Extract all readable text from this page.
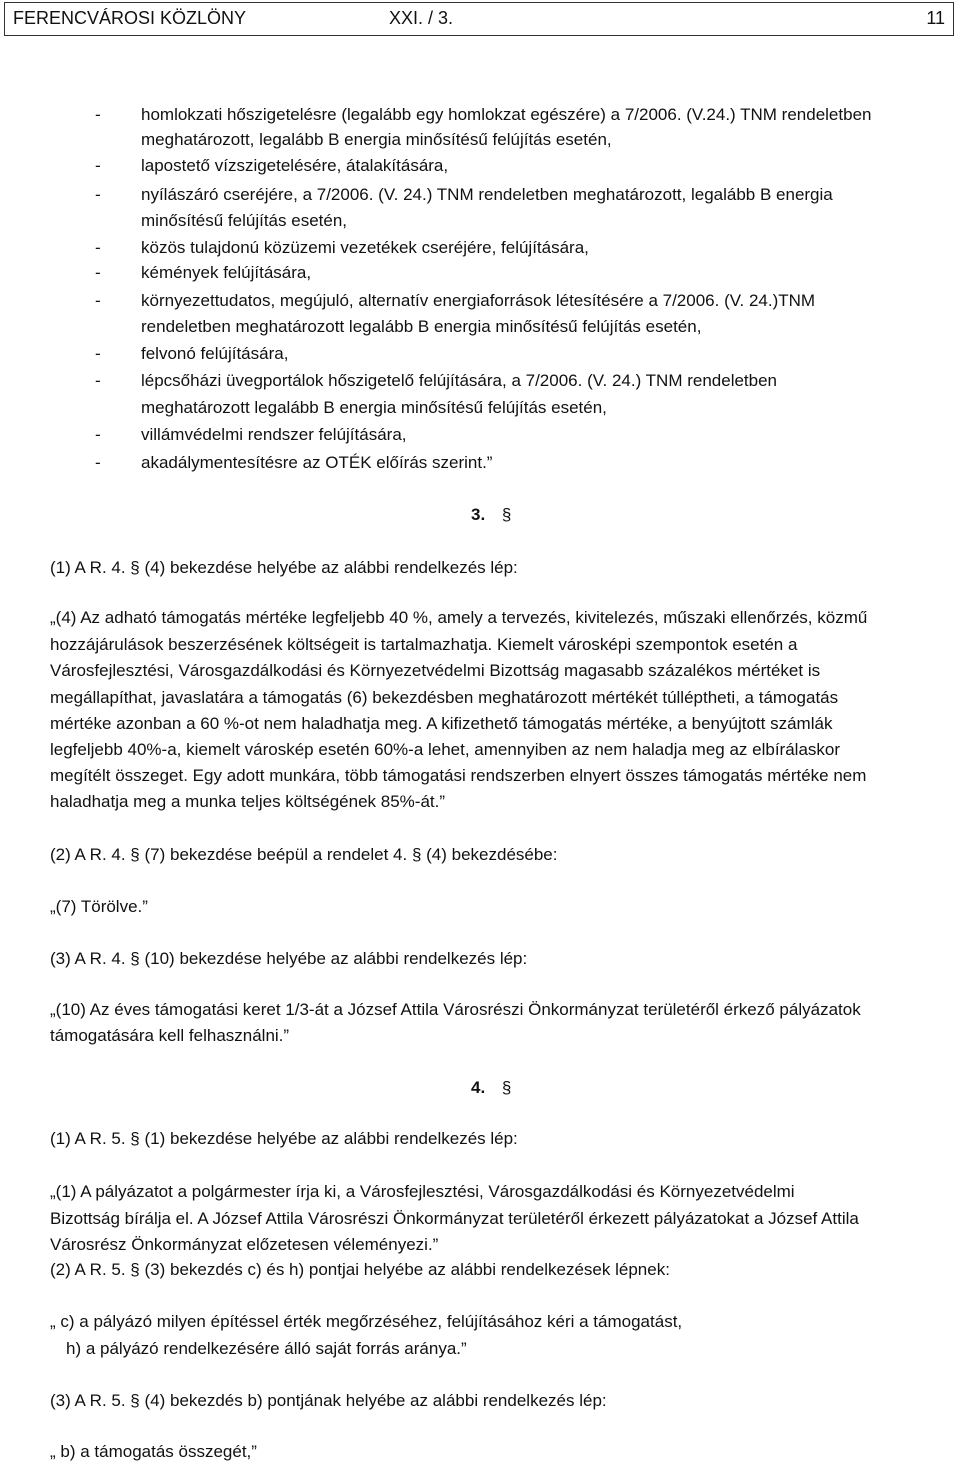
FERENCVÁROSI KÖZLÖNY	XXI. / 3.	11
- homlokzati hőszigetelésre (legalább egy homlokzat egészére) a 7/2006. (V.24.) TNM rendeletben
meghatározott, legalább B energia minősítésű felújítás esetén,
- lapostető vízszigetelésére, átalakítására,
- nyílászáró cseréjére, a 7/2006. (V. 24.) TNM rendeletben meghatározott, legalább B energia
minősítésű felújítás esetén,
- közös tulajdonú közüzemi vezetékek cseréjére, felújítására,
- kémények felújítására,
- környezettudatos, megújuló, alternatív energiaforrások létesítésére a 7/2006. (V. 24.)TNM
rendeletben meghatározott legalább B energia minősítésű felújítás esetén,
- felvonó felújítására,
- lépcsőházi üvegportálok hőszigetelő felújítására, a 7/2006. (V. 24.) TNM rendeletben
meghatározott legalább B energia minősítésű felújítás esetén,
- villámvédelmi rendszer felújítására,
- akadálymentesítésre az OTÉK előírás szerint.”
3. §
(1) A R. 4. § (4) bekezdése helyébe az alábbi rendelkezés lép:
„(4) Az adható támogatás mértéke legfeljebb 40 %, amely a tervezés, kivitelezés, műszaki ellenőrzés, közmű
hozzájárulások beszerzésének költségeit is tartalmazhatja. Kiemelt városképi szempontok esetén a
Városfejlesztési, Városgazdálkodási és Környezetvédelmi Bizottság magasabb százalékos mértéket is
megállapíthat, javaslatára a támogatás (6) bekezdésben meghatározott mértékét túlléptheti, a támogatás
mértéke azonban a 60 %-ot nem haladhatja meg. A kifizethető támogatás mértéke, a benyújtott számlák
legfeljebb 40%-a, kiemelt városkép esetén 60%-a lehet, amennyiben az nem haladja meg az elbírálaskor
megítélt összeget. Egy adott munkára, több támogatási rendszerben elnyert összes támogatás mértéke nem
haladhatja meg a munka teljes költségének 85%-át.”
(2) A R. 4. § (7) bekezdése beépül a rendelet 4. § (4) bekezdésébe:
„(7) Törölve.”
(3) A R. 4. § (10) bekezdése helyébe az alábbi rendelkezés lép:
„(10) Az éves támogatási keret 1/3-át a József Attila Városrészi Önkormányzat területéről érkező pályázatok
támogatására kell felhasználni.”
4. §
(1) A R. 5. § (1) bekezdése helyébe az alábbi rendelkezés lép:
„(1) A pályázatot a polgármester írja ki, a Városfejlesztési, Városgazdálkodási és Környezetvédelmi
Bizottság bírálja el. A József Attila Városrészi Önkormányzat területéről érkezett pályázatokat a József Attila
Városrész Önkormányzat előzetesen véleményezi.”
(2) A R. 5. § (3) bekezdés c) és h) pontjai helyébe az alábbi rendelkezések lépnek:
„ c) a pályázó milyen építéssel érték megőrzéséhez, felújításához kéri a támogatást,
h) a pályázó rendelkezésére álló saját forrás aránya.”
(3) A R. 5. § (4) bekezdés b) pontjának helyébe az alábbi rendelkezés lép:
„ b) a támogatás összegét,”
